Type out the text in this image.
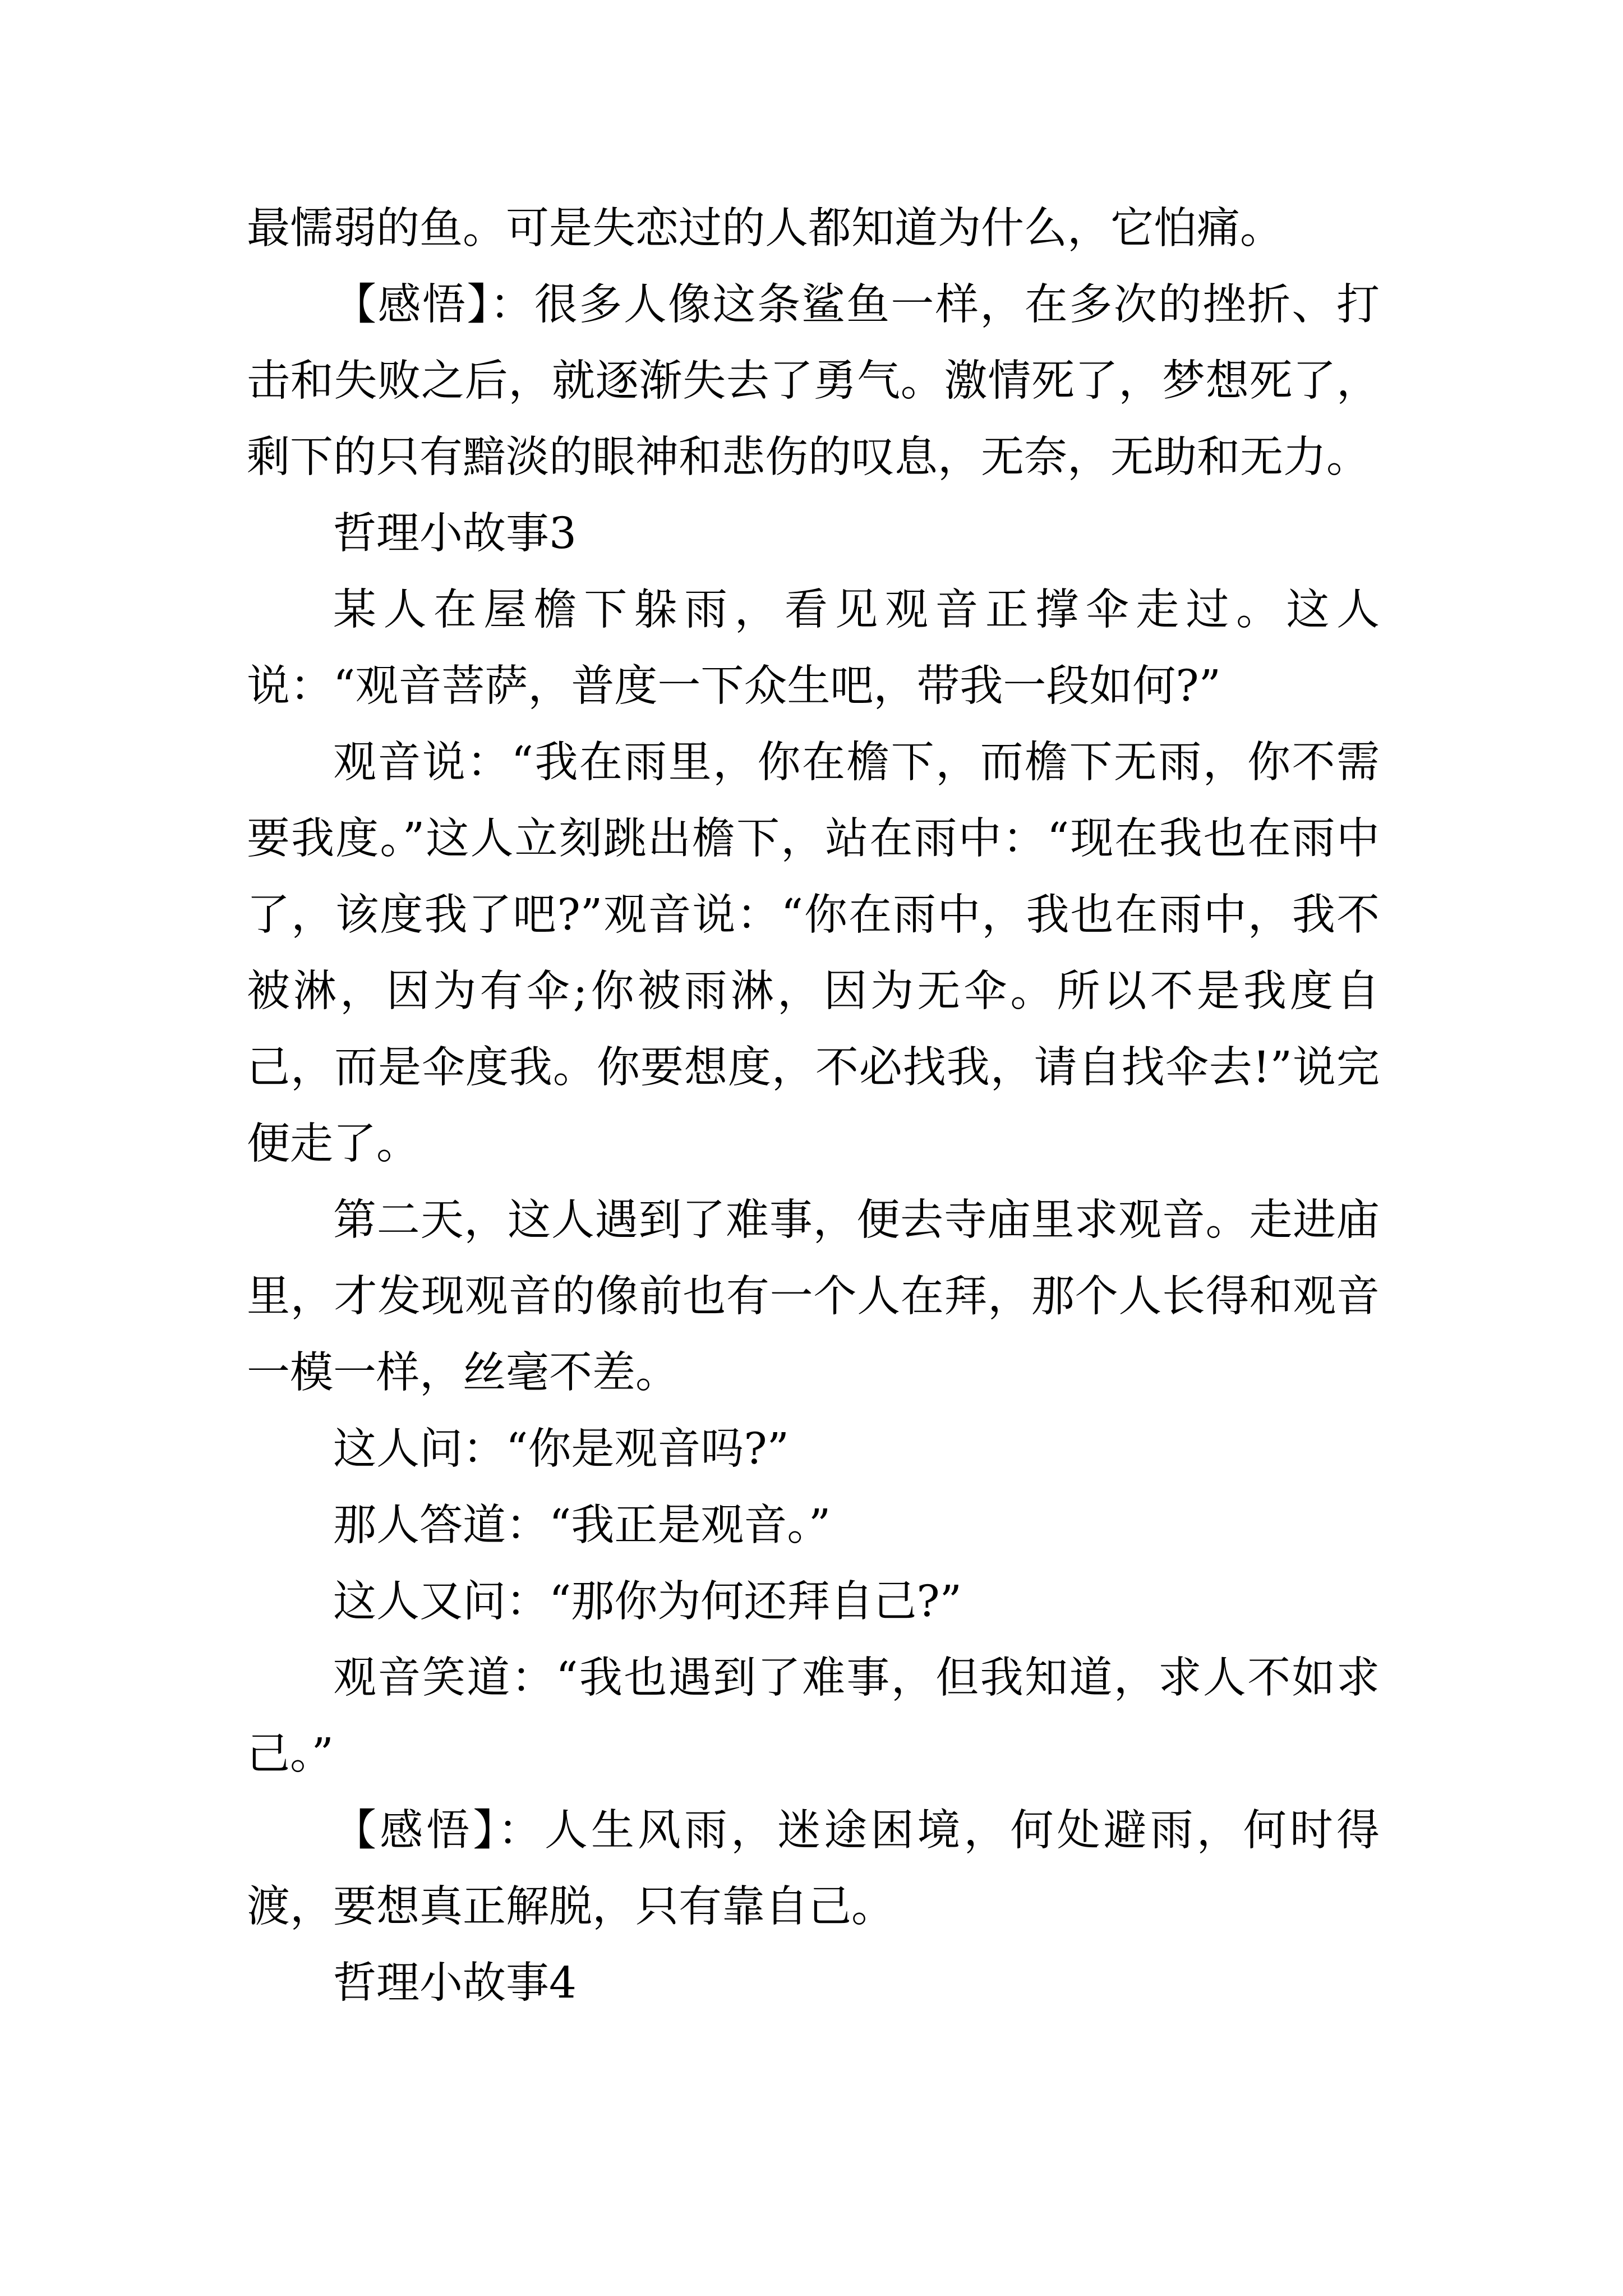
最懦弱的鱼。可是失恋过的人都知道为什么，它怕痛。

【感悟】：很多人像这条鲨鱼一样，在多次的挫折、打击和失败之后，就逐渐失去了勇气。激情死了，梦想死了，剩下的只有黯淡的眼神和悲伤的叹息，无奈，无助和无力。

哲理小故事3

某人在屋檐下躲雨，看见观音正撑伞走过。这人说：“观音菩萨，普度一下众生吧，带我一段如何?”

观音说：“我在雨里，你在檐下，而檐下无雨，你不需要我度。”这人立刻跳出檐下，站在雨中：“现在我也在雨中了，该度我了吧?”观音说：“你在雨中，我也在雨中，我不被淋，因为有伞;你被雨淋，因为无伞。所以不是我度自己，而是伞度我。你要想度，不必找我，请自找伞去!”说完便走了。

第二天，这人遇到了难事，便去寺庙里求观音。走进庙里，才发现观音的像前也有一个人在拜，那个人长得和观音一模一样，丝毫不差。

这人问：“你是观音吗?”

那人答道：“我正是观音。”

这人又问：“那你为何还拜自己?”

观音笑道：“我也遇到了难事，但我知道，求人不如求己。”

【感悟】：人生风雨，迷途困境，何处避雨，何时得渡，要想真正解脱，只有靠自己。

哲理小故事4
